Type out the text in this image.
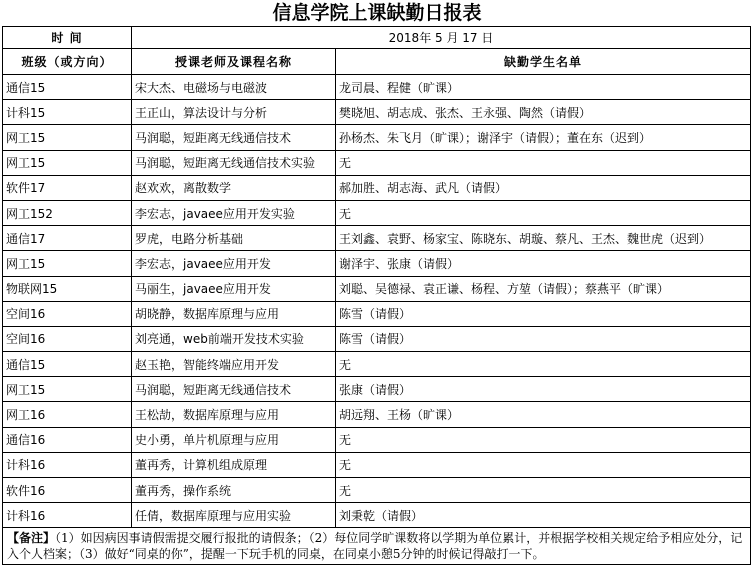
信息学院上课缺勤日报表
时 间	2018年 5 月 17 日	
班级（或方向）	授课老师及课程名称	缺勤学生名单
通信15	宋大杰、电磁场与电磁波	龙司晨、程健（旷课）
计科15	王正山，算法设计与分析	樊晓旭、胡志成、张杰、王永强、陶然（请假）
网工15	马润聪，短距离无线通信技术	孙杨杰、朱飞月（旷课）；谢泽宇（请假）；董在东（迟到）
网工15	马润聪，短距离无线通信技术实验	无
软件17	赵欢欢，离散数学	郝加胜、胡志海、武凡（请假）
网工152	李宏志，javaee应用开发实验	无
通信17	罗虎，电路分析基础	王刘鑫、袁野、杨家宝、陈晓东、胡璇、蔡凡、王杰、魏世虎（迟到）
网工15	李宏志，javaee应用开发	谢泽宇、张康（请假）
物联网15	马丽生，javaee应用开发	刘聪、吴德禄、袁正谦、杨程、方堃（请假）；蔡燕平（旷课）
空间16	胡晓静，数据库原理与应用	陈雪（请假）
空间16	刘亮通，web前端开发技术实验	陈雪（请假）
通信15	赵玉艳，智能终端应用开发	无
网工15	马润聪，短距离无线通信技术	张康（请假）
网工16	王松劼，数据库原理与应用	胡远翔、王杨（旷课）
通信16	史小勇，单片机原理与应用	无
计科16	董再秀，计算机组成原理	无
软件16	董再秀，操作系统	无
计科16	任倩，数据库原理与应用实验	刘秉乾（请假）
【备注】（1）如因病因事请假需提交履行报批的请假条；（2）每位同学旷课数将以学期为单位累计，并根据学校相关规定给予相应处分，记入个人档案；（3）做好“同桌的你”，提醒一下玩手机的同桌，在同桌小憩5分钟的时候记得敲打一下。		
